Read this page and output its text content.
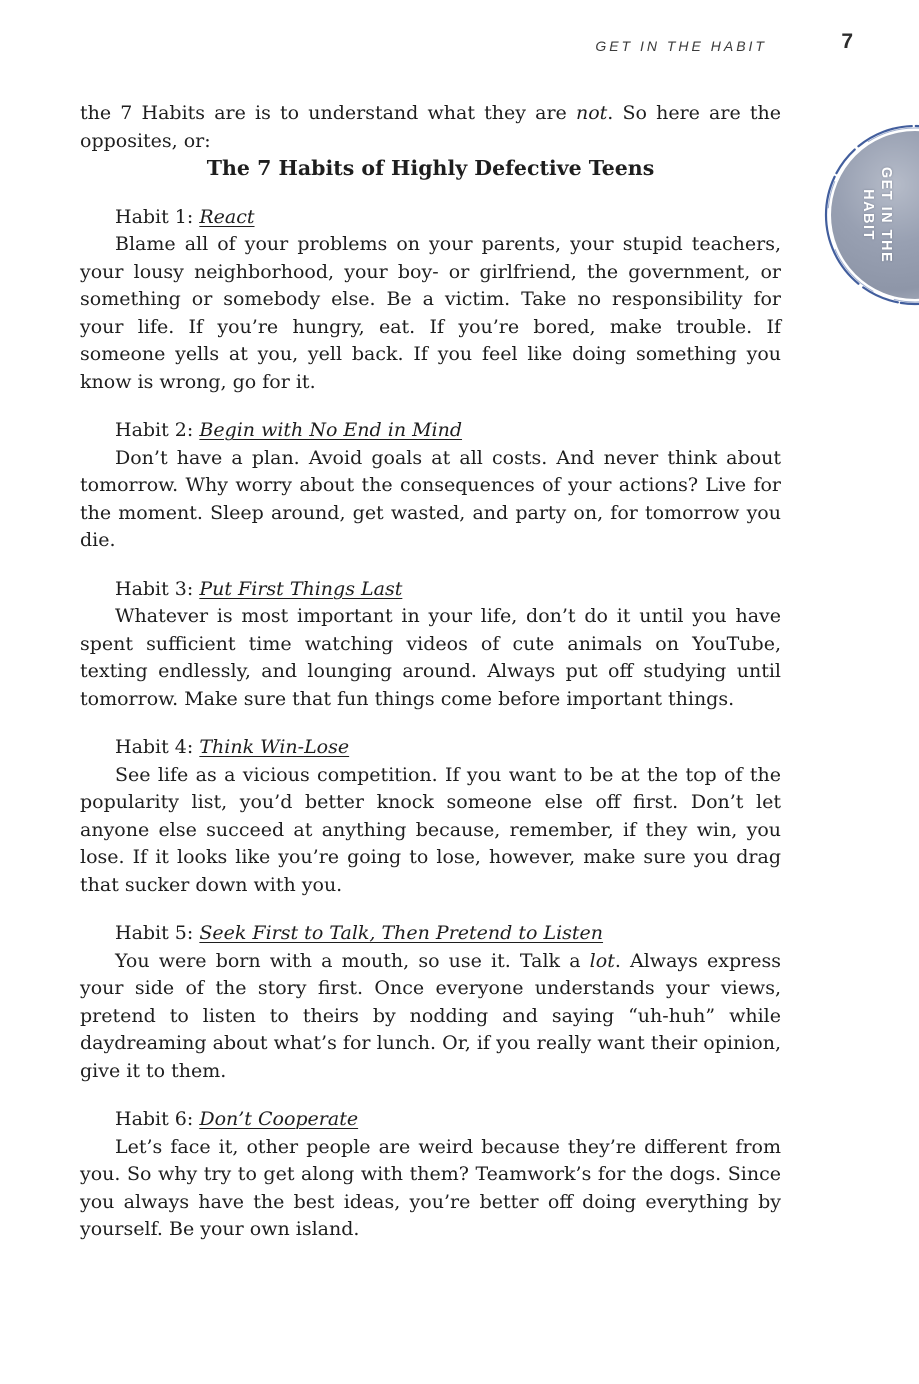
GET IN THE HABIT	7
GET IN THE
HABIT

the 7 Habits are is to understand what they are not. So here are the opposites, or:

The 7 Habits of Highly Defective Teens

Habit 1: React

Blame all of your problems on your parents, your stupid teachers, your lousy neighborhood, your boy- or girlfriend, the government, or something or somebody else. Be a victim. Take no responsibility for your life. If you’re hungry, eat. If you’re bored, make trouble. If someone yells at you, yell back. If you feel like doing something you know is wrong, go for it.

Habit 2: Begin with No End in Mind

Don’t have a plan. Avoid goals at all costs. And never think about tomorrow. Why worry about the consequences of your actions? Live for the moment. Sleep around, get wasted, and party on, for tomorrow you die.

Habit 3: Put First Things Last

Whatever is most important in your life, don’t do it until you have spent sufficient time watching videos of cute animals on YouTube, texting endlessly, and lounging around. Always put off studying until tomorrow. Make sure that fun things come before important things.

Habit 4: Think Win-Lose

See life as a vicious competition. If you want to be at the top of the popularity list, you’d better knock someone else off first. Don’t let anyone else succeed at anything because, remember, if they win, you lose. If it looks like you’re going to lose, however, make sure you drag that sucker down with you.

Habit 5: Seek First to Talk, Then Pretend to Listen

You were born with a mouth, so use it. Talk a lot. Always express your side of the story first. Once everyone understands your views, pretend to listen to theirs by nodding and saying “uh-huh” while daydreaming about what’s for lunch. Or, if you really want their opinion, give it to them.

Habit 6: Don’t Cooperate

Let’s face it, other people are weird because they’re different from you. So why try to get along with them? Teamwork’s for the dogs. Since you always have the best ideas, you’re better off doing everything by yourself. Be your own island.
